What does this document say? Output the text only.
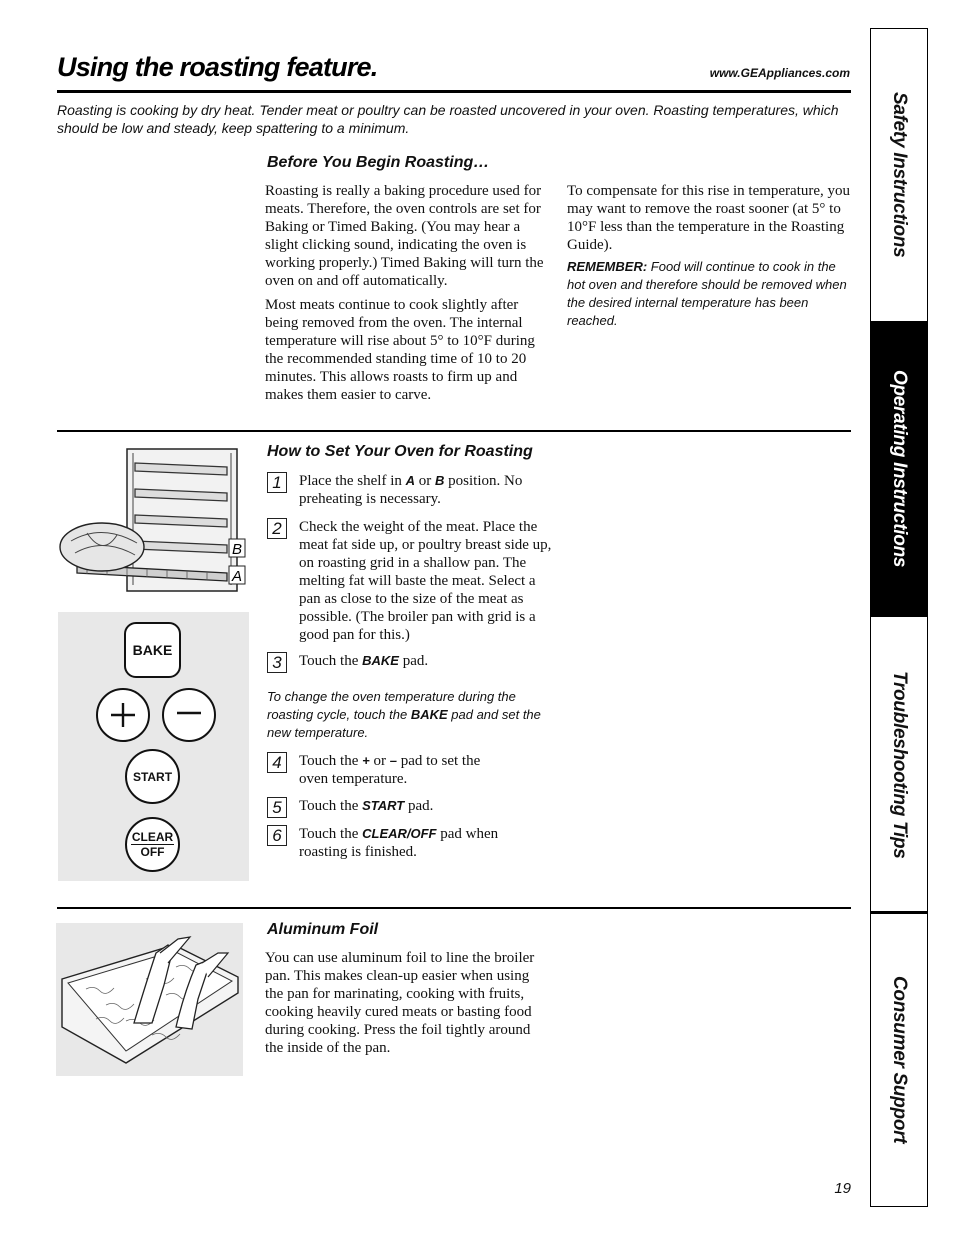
Using the roasting feature.	www.GEAppliances.com
Roasting is cooking by dry heat. Tender meat or poultry can be roasted uncovered in your oven. Roasting temperatures, which should be low and steady, keep spattering to a minimum.
Before You Begin Roasting…

Roasting is really a baking procedure used for meats. Therefore, the oven controls are set for Baking or Timed Baking. (You may hear a slight clicking sound, indicating the oven is working properly.) Timed Baking will turn the oven on and off automatically.

Most meats continue to cook slightly after being removed from the oven. The internal temperature will rise about 5° to 10°F during the recommended standing time of 10 to 20 minutes. This allows roasts to firm up and makes them easier to carve.

To compensate for this rise in temperature, you may want to remove the roast sooner (at 5° to 10°F less than the temperature in the Roasting Guide).

REMEMBER: Food will continue to cook in the hot oven and therefore should be removed when the desired internal temperature has been reached.
B
A
BAKE
START
CLEAR
OFF
How to Set Your Oven for Roasting
1	Place the shelf in A or B position. No preheating is necessary.
2	Check the weight of the meat. Place the meat fat side up, or poultry breast side up, on roasting grid in a shallow pan. The melting fat will baste the meat. Select a pan as close to the size of the meat as possible. (The broiler pan with grid is a good pan for this.)
3	Touch the BAKE pad.
To change the oven temperature during the roasting cycle, touch the BAKE pad and set the new temperature.
4	Touch the + or – pad to set the oven temperature.
5	Touch the START pad.
6	Touch the CLEAR/OFF pad when roasting is finished.
Aluminum Foil
You can use aluminum foil to line the broiler pan. This makes clean-up easier when using the pan for marinating, cooking with fruits, cooking heavily cured meats or basting food during cooking. Press the foil tightly around the inside of the pan.
Safety Instructions
Operating Instructions
Troubleshooting Tips
Consumer Support
19
